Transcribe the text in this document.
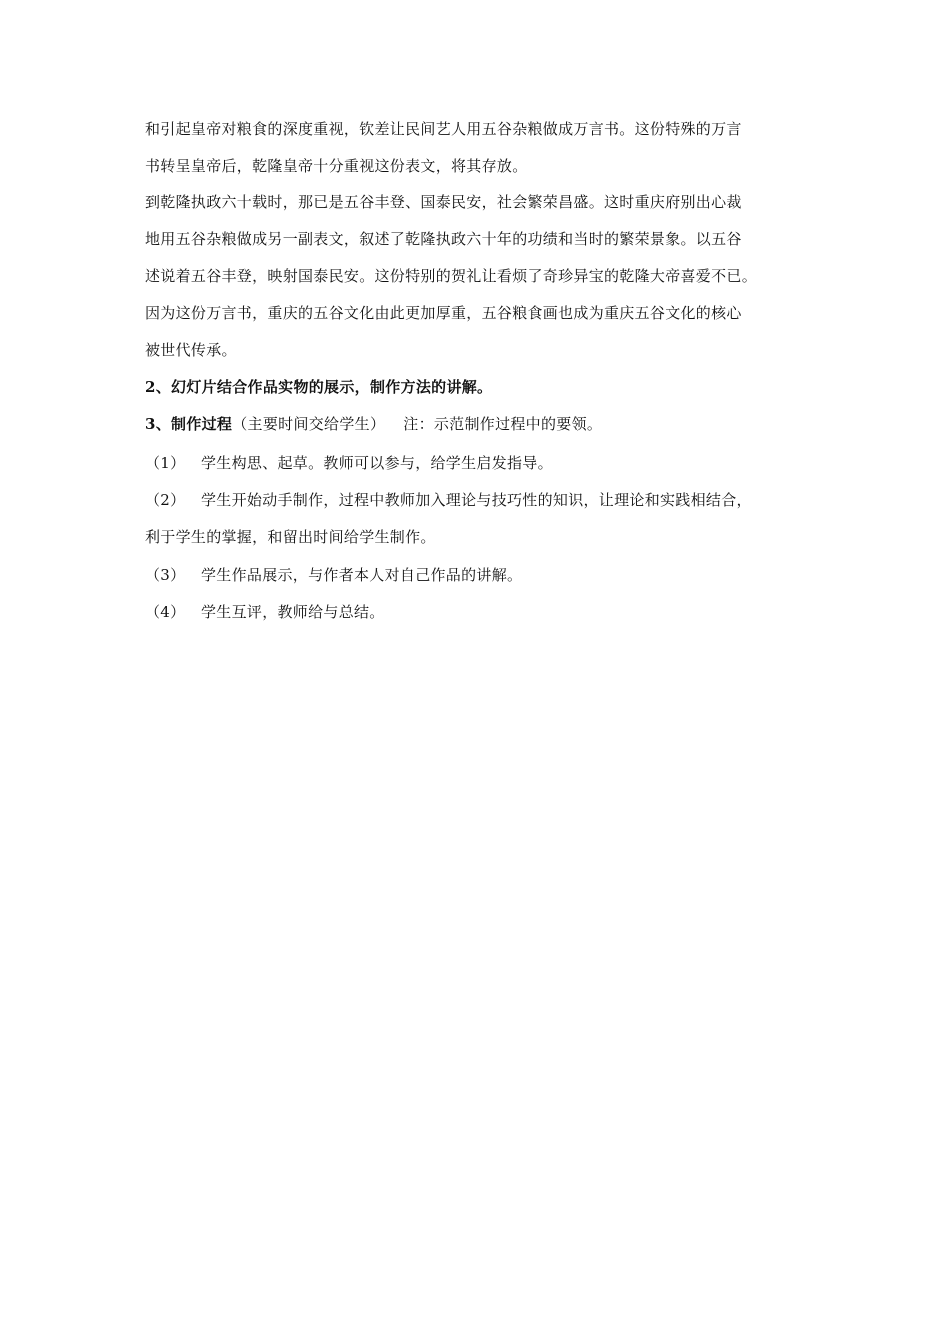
和引起皇帝对粮食的深度重视，钦差让民间艺人用五谷杂粮做成万言书。这份特殊的万言
书转呈皇帝后，乾隆皇帝十分重视这份表文，将其存放。
到乾隆执政六十载时，那已是五谷丰登、国泰民安，社会繁荣昌盛。这时重庆府别出心裁
地用五谷杂粮做成另一副表文，叙述了乾隆执政六十年的功绩和当时的繁荣景象。以五谷
述说着五谷丰登，映射国泰民安。这份特别的贺礼让看烦了奇珍异宝的乾隆大帝喜爱不已。
因为这份万言书，重庆的五谷文化由此更加厚重，五谷粮食画也成为重庆五谷文化的核心
被世代传承。
2、幻灯片结合作品实物的展示，制作方法的讲解。
3、制作过程（主要时间交给学生） 注：示范制作过程中的要领。
（1） 学生构思、起草。教师可以参与，给学生启发指导。
（2） 学生开始动手制作，过程中教师加入理论与技巧性的知识，让理论和实践相结合，
利于学生的掌握，和留出时间给学生制作。
（3） 学生作品展示，与作者本人对自己作品的讲解。
（4） 学生互评，教师给与总结。
